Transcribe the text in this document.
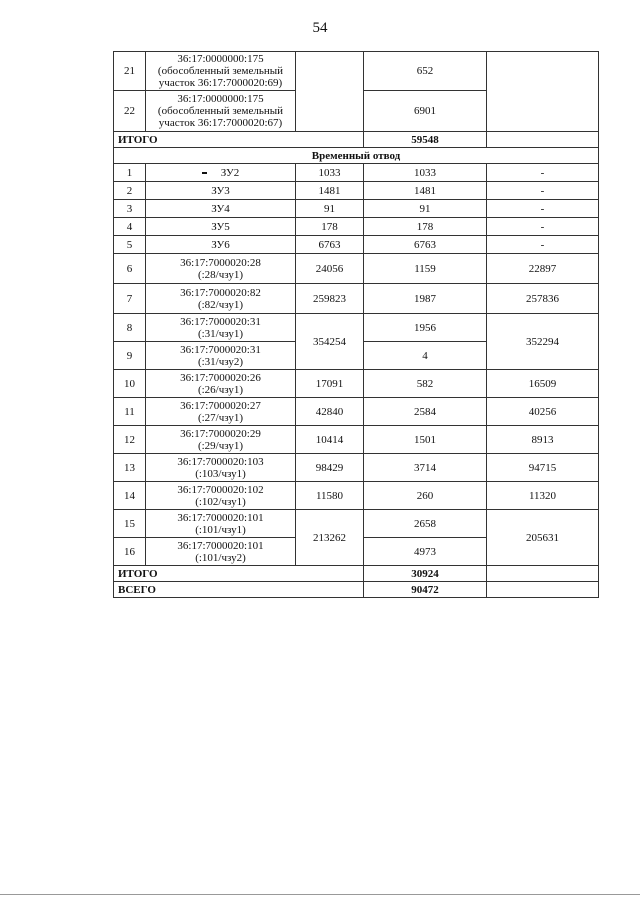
54
21	36:17:0000000:175
(обособленный земельный
участок 36:17:7000020:69)		652	
22	36:17:0000000:175
(обособленный земельный
участок 36:17:7000020:67)		6901	
ИТОГО			59548	
Временный отвод				
1	ЗУ2	1033	1033	-
2	ЗУ3	1481	1481	-
3	ЗУ4	91	91	-
4	ЗУ5	178	178	-
5	ЗУ6	6763	6763	-
6	36:17:7000020:28
(:28/чзу1)	24056	1159	22897
7	36:17:7000020:82
(:82/чзу1)	259823	1987	257836
8	36:17:7000020:31
(:31/чзу1)	354254	1956	352294
9	36:17:7000020:31
(:31/чзу2)		4	
10	36:17:7000020:26
(:26/чзу1)	17091	582	16509
11	36:17:7000020:27
(:27/чзу1)	42840	2584	40256
12	36:17:7000020:29
(:29/чзу1)	10414	1501	8913
13	36:17:7000020:103
(:103/чзу1)	98429	3714	94715
14	36:17:7000020:102
(:102/чзу1)	11580	260	11320
15	36:17:7000020:101
(:101/чзу1)	213262	2658	205631
16	36:17:7000020:101
(:101/чзу2)		4973	
ИТОГО			30924	
ВСЕГО			90472	
